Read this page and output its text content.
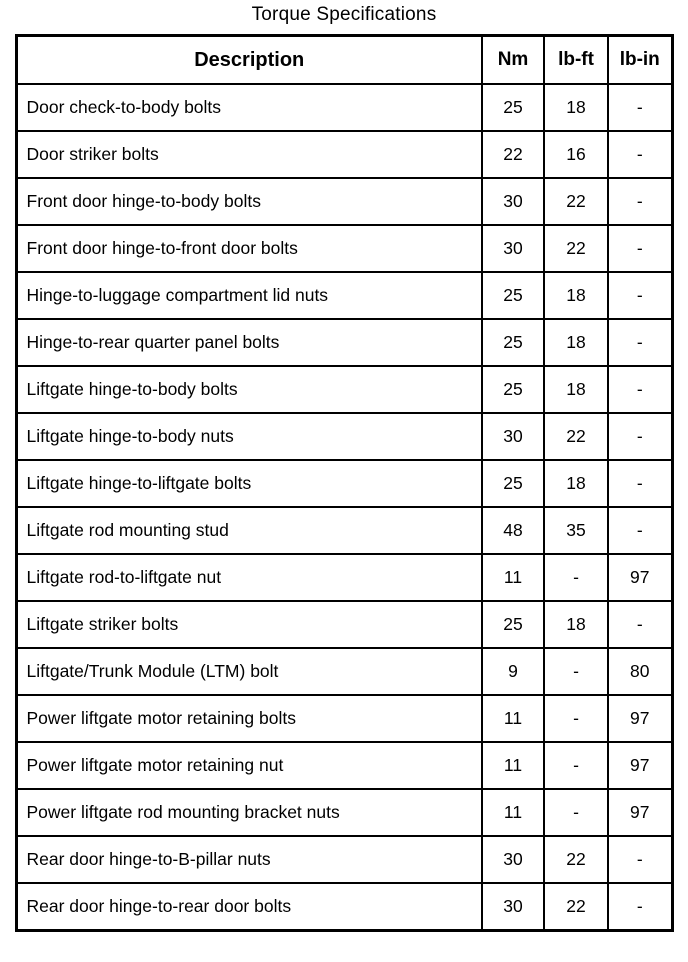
Torque Specifications
Description	Nm	lb-ft	lb-in
Door check-to-body bolts	25	18	-
Door striker bolts	22	16	-
Front door hinge-to-body bolts	30	22	-
Front door hinge-to-front door bolts	30	22	-
Hinge-to-luggage compartment lid nuts	25	18	-
Hinge-to-rear quarter panel bolts	25	18	-
Liftgate hinge-to-body bolts	25	18	-
Liftgate hinge-to-body nuts	30	22	-
Liftgate hinge-to-liftgate bolts	25	18	-
Liftgate rod mounting stud	48	35	-
Liftgate rod-to-liftgate nut	11	-	97
Liftgate striker bolts	25	18	-
Liftgate/Trunk Module (LTM) bolt	9	-	80
Power liftgate motor retaining bolts	11	-	97
Power liftgate motor retaining nut	11	-	97
Power liftgate rod mounting bracket nuts	11	-	97
Rear door hinge-to-B-pillar nuts	30	22	-
Rear door hinge-to-rear door bolts	30	22	-
